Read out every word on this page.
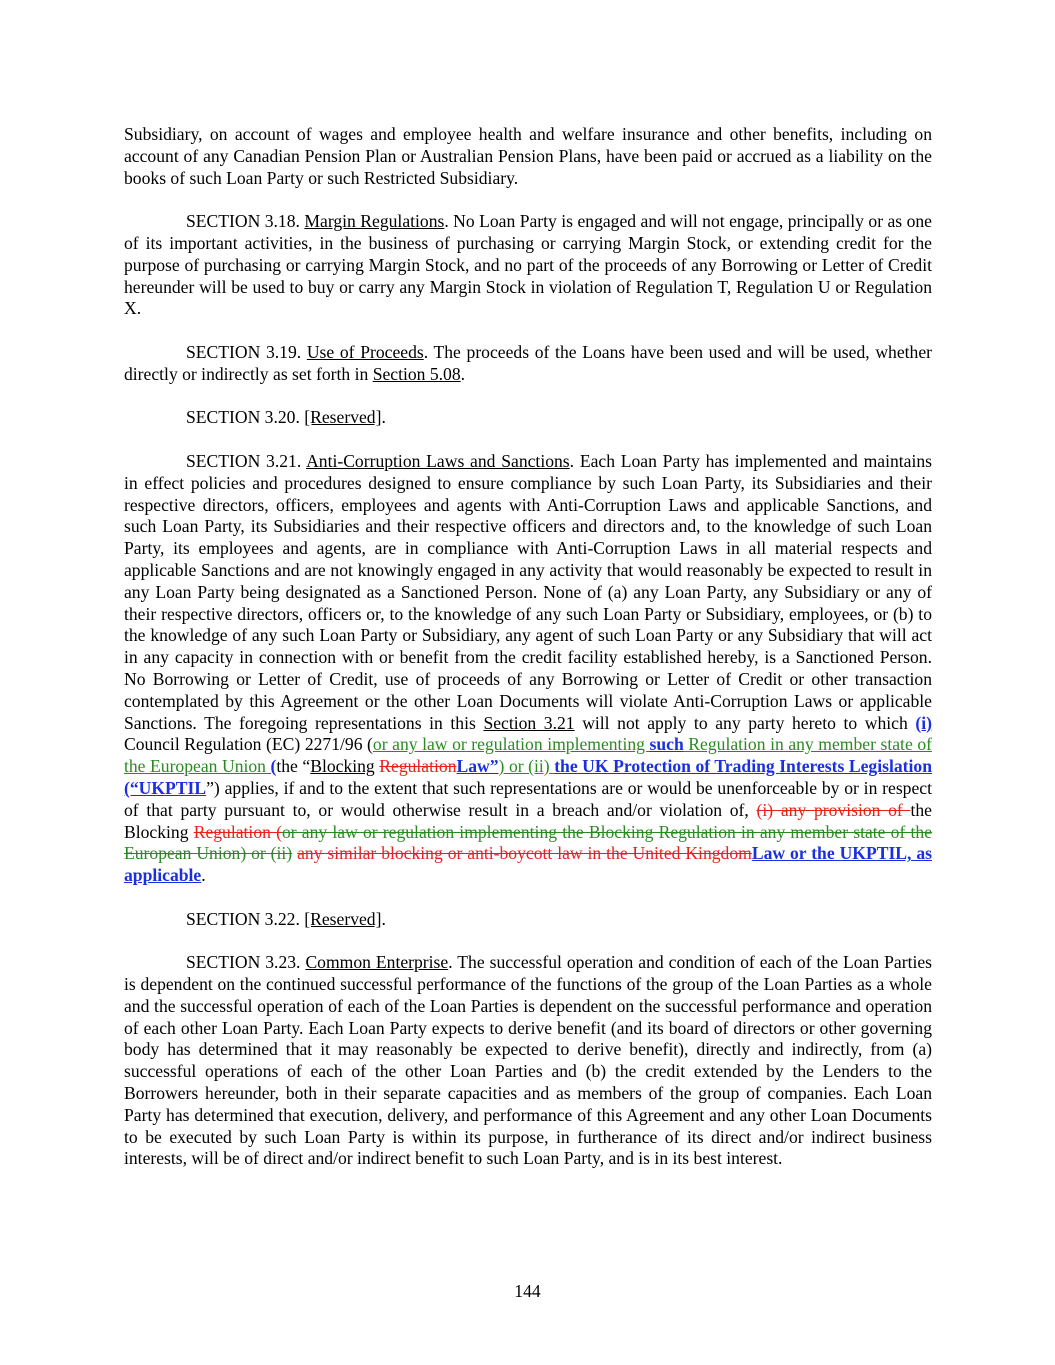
Subsidiary, on account of wages and employee health and welfare insurance and other benefits, including on account of any Canadian Pension Plan or Australian Pension Plans, have been paid or accrued as a liability on the books of such Loan Party or such Restricted Subsidiary.

SECTION 3.18. Margin Regulations. No Loan Party is engaged and will not engage, principally or as one of its important activities, in the business of purchasing or carrying Margin Stock, or extending credit for the purpose of purchasing or carrying Margin Stock, and no part of the proceeds of any Borrowing or Letter of Credit hereunder will be used to buy or carry any Margin Stock in violation of Regulation T, Regulation U or Regulation X.

SECTION 3.19. Use of Proceeds. The proceeds of the Loans have been used and will be used, whether directly or indirectly as set forth in Section 5.08.

SECTION 3.20. [Reserved].

SECTION 3.21. Anti-Corruption Laws and Sanctions. Each Loan Party has implemented and maintains in effect policies and procedures designed to ensure compliance by such Loan Party, its Subsidiaries and their respective directors, officers, employees and agents with Anti-Corruption Laws and applicable Sanctions, and such Loan Party, its Subsidiaries and their respective officers and directors and, to the knowledge of such Loan Party, its employees and agents, are in compliance with Anti-Corruption Laws in all material respects and applicable Sanctions and are not knowingly engaged in any activity that would reasonably be expected to result in any Loan Party being designated as a Sanctioned Person. None of (a) any Loan Party, any Subsidiary or any of their respective directors, officers or, to the knowledge of any such Loan Party or Subsidiary, employees, or (b) to the knowledge of any such Loan Party or Subsidiary, any agent of such Loan Party or any Subsidiary that will act in any capacity in connection with or benefit from the credit facility established hereby, is a Sanctioned Person. No Borrowing or Letter of Credit, use of proceeds of any Borrowing or Letter of Credit or other transaction contemplated by this Agreement or the other Loan Documents will violate Anti-Corruption Laws or applicable Sanctions. The foregoing representations in this Section 3.21 will not apply to any party hereto to which (i) Council Regulation (EC) 2271/96 (or any law or regulation implementing such Regulation in any member state of the European Union (the “Blocking RegulationLaw”) or (ii) the UK Protection of Trading Interests Legislation (“UKPTIL”) applies, if and to the extent that such representations are or would be unenforceable by or in respect of that party pursuant to, or would otherwise result in a breach and/or violation of, (i) any provision of the Blocking Regulation (or any law or regulation implementing the Blocking Regulation in any member state of the European Union) or (ii) any similar blocking or anti-boycott law in the United KingdomLaw or the UKPTIL, as applicable.

SECTION 3.22. [Reserved].

SECTION 3.23. Common Enterprise. The successful operation and condition of each of the Loan Parties is dependent on the continued successful performance of the functions of the group of the Loan Parties as a whole and the successful operation of each of the Loan Parties is dependent on the successful performance and operation of each other Loan Party. Each Loan Party expects to derive benefit (and its board of directors or other governing body has determined that it may reasonably be expected to derive benefit), directly and indirectly, from (a) successful operations of each of the other Loan Parties and (b) the credit extended by the Lenders to the Borrowers hereunder, both in their separate capacities and as members of the group of companies. Each Loan Party has determined that execution, delivery, and performance of this Agreement and any other Loan Documents to be executed by such Loan Party is within its purpose, in furtherance of its direct and/or indirect business interests, will be of direct and/or indirect benefit to such Loan Party, and is in its best interest.

144
